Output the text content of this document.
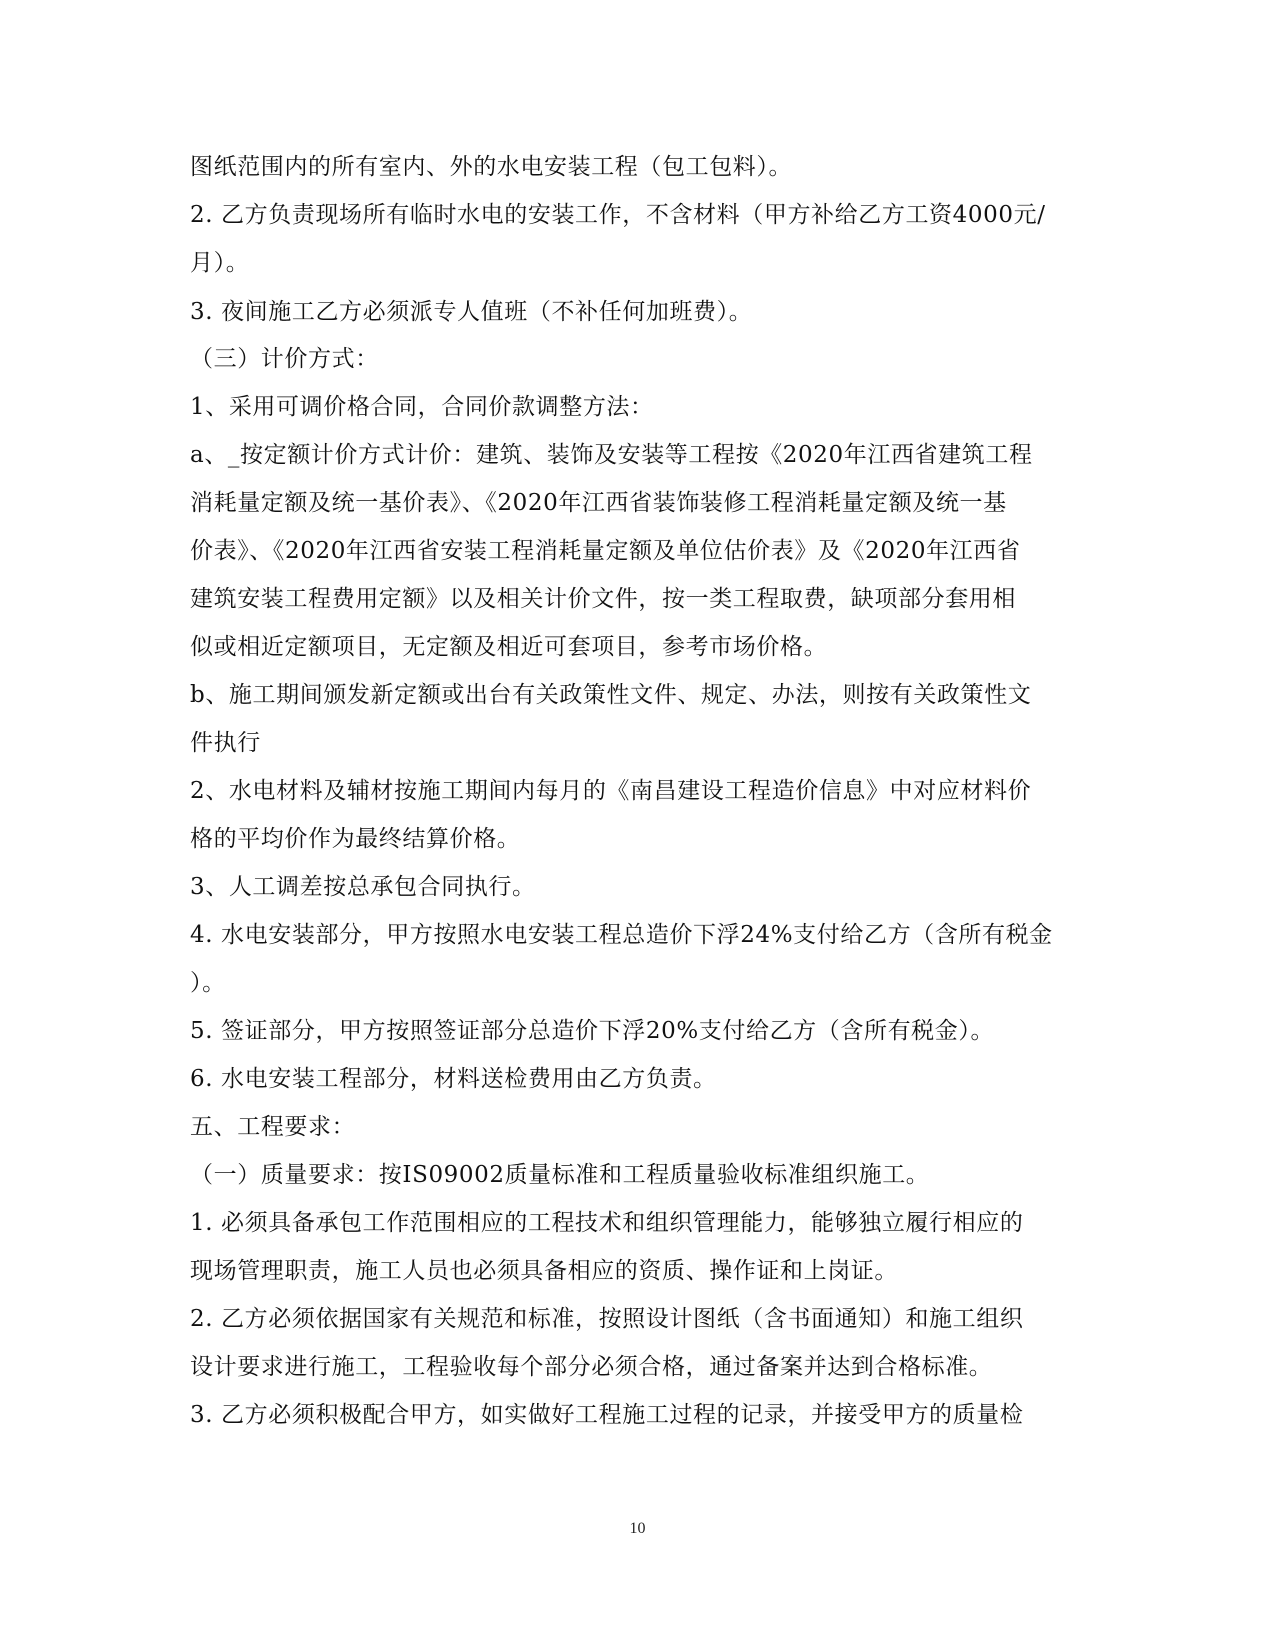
图纸范围内的所有室内、外的水电安装工程（包工包料）。
2. 乙方负责现场所有临时水电的安装工作，不含材料（甲方补给乙方工资4000元/
月）。
3. 夜间施工乙方必须派专人值班（不补任何加班费）。
（三）计价方式：
1、采用可调价格合同，合同价款调整方法：
a、_按定额计价方式计价：建筑、装饰及安装等工程按《2020年江西省建筑工程
消耗量定额及统一基价表》、《2020年江西省装饰装修工程消耗量定额及统一基
价表》、《2020年江西省安装工程消耗量定额及单位估价表》及《2020年江西省
建筑安装工程费用定额》以及相关计价文件，按一类工程取费，缺项部分套用相
似或相近定额项目，无定额及相近可套项目，参考市场价格。
b、施工期间颁发新定额或出台有关政策性文件、规定、办法，则按有关政策性文
件执行
2、水电材料及辅材按施工期间内每月的《南昌建设工程造价信息》中对应材料价
格的平均价作为最终结算价格。
3、人工调差按总承包合同执行。
4. 水电安装部分，甲方按照水电安装工程总造价下浮24%支付给乙方（含所有税金
）。
5. 签证部分，甲方按照签证部分总造价下浮20%支付给乙方（含所有税金）。
6. 水电安装工程部分，材料送检费用由乙方负责。
五、工程要求：
（一）质量要求：按IS09002质量标准和工程质量验收标准组织施工。
1. 必须具备承包工作范围相应的工程技术和组织管理能力，能够独立履行相应的
现场管理职责，施工人员也必须具备相应的资质、操作证和上岗证。
2. 乙方必须依据国家有关规范和标准，按照设计图纸（含书面通知）和施工组织
设计要求进行施工，工程验收每个部分必须合格，通过备案并达到合格标准。
3. 乙方必须积极配合甲方，如实做好工程施工过程的记录，并接受甲方的质量检
10
